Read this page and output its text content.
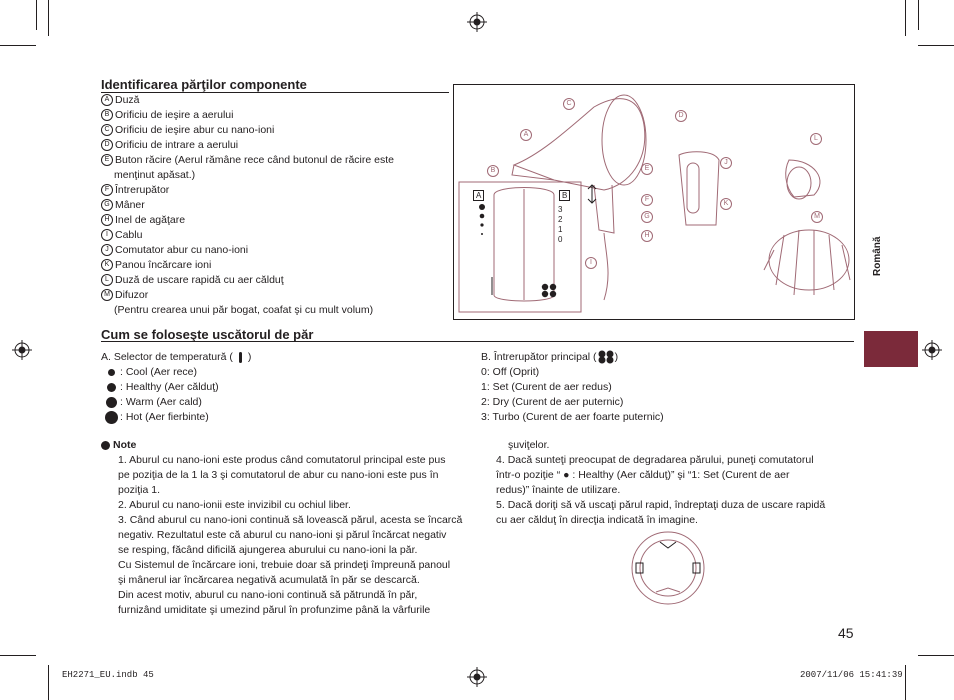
Identificarea părţilor componente
A Duză
B Orificiu de ieşire a aerului
C Orificiu de ieşire abur cu nano-ioni
D Orificiu de intrare a aerului
E Buton răcire (Aerul rămâne rece când butonul de răcire este
menţinut apăsat.)
F Întrerupător
G Mâner
H Inel de agăţare
I Cablu
J Comutator abur cu nano-ioni
K Panou încărcare ioni
L Duză de uscare rapidă cu aer călduţ
M Difuzor
(Pentru crearea unui păr bogat, coafat şi cu mult volum)
A	B
3
2
1
0
A
B
C
D
E
F
G
H
I
J
K
L
M
Română
Cum se foloseşte uscătorul de păr
A. Selector de temperatură ( )
: Cool (Aer rece)
: Healthy (Aer călduţ)
: Warm (Aer cald)
: Hot (Aer fierbinte)
B. Întrerupător principal ( )
0: Off (Oprit)
1: Set (Curent de aer redus)
2: Dry (Curent de aer puternic)
3: Turbo (Curent de aer foarte puternic)
Note
1. Aburul cu nano-ioni este produs când comutatorul principal este pus
pe poziţia de la 1 la 3 şi comutatorul de abur cu nano-ioni este pus în
poziţia 1.
2. Aburul cu nano-ionii este invizibil cu ochiul liber.
3. Când aburul cu nano-ioni continuă să lovească părul, acesta se încarcă
negativ. Rezultatul este că aburul cu nano-ioni şi părul încărcat negativ
se resping, făcând dificilă ajungerea aburului cu nano-ioni la păr.
Cu Sistemul de încărcare ioni, trebuie doar să prindeţi împreună panoul
şi mânerul iar încărcarea negativă acumulată în păr se descarcă.
Din acest motiv, aburul cu nano-ioni continuă să pătrundă în păr,
furnizând umiditate şi umezind părul în profunzime până la vârfurile
şuviţelor.
4. Dacă sunteţi preocupat de degradarea părului, puneţi comutatorul
într-o poziţie “ ● : Healthy (Aer călduţ)” şi “1: Set (Curent de aer
redus)” înainte de utilizare.
5. Dacă doriţi să vă uscaţi părul rapid, îndreptaţi duza de uscare rapidă
cu aer călduţ în direcţia indicată în imagine.
45
EH2271_EU.indb 45	2007/11/06 15:41:39
